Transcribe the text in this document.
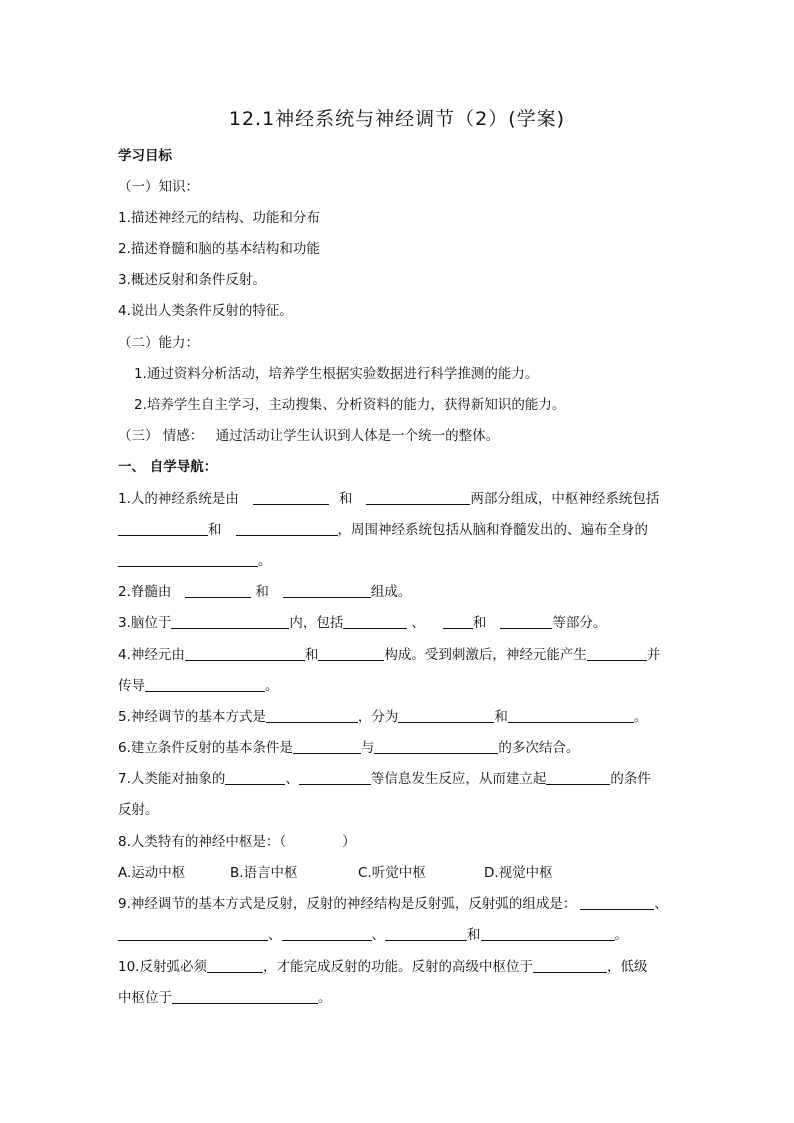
12.1神经系统与神经调节（2）(学案)
学习目标
（一）知识：
1.描述神经元的结构、功能和分布
2.描述脊髓和脑的基本结构和功能
3.概述反射和条件反射。
4.说出人类条件反射的特征。
（二）能力：
1.通过资料分析活动，培养学生根据实验数据进行科学推测的能力。
2.培养学生自主学习，主动搜集、分析资料的能力，获得新知识的能力。
（三） 情感： 通过活动让学生认识到人体是一个统一的整体。
一、 自学导航：
1.人的神经系统是由	和	两部分组成，中枢神经系统包括
和	，周围神经系统包括从脑和脊髓发出的、遍布全身的
。
2.脊髓由	和	组成。
3.脑位于	内，包括	、	和	等部分。
4.神经元由	和	构成。受到刺激后，神经元能产生	并
传导	。
5.神经调节的基本方式是	，分为	和	。
6.建立条件反射的基本条件是	与	的多次结合。
7.人类能对抽象的	、	等信息发生反应，从而建立起	的条件
反射。
8.人类特有的神经中枢是：（	）
A.运动中枢	B.语言中枢	C.听觉中枢	D.视觉中枢
9.神经调节的基本方式是反射，反射的神经结构是反射弧，反射弧的组成是：	、
、	、	和	。
10.反射弧必须	，才能完成反射的功能。反射的高级中枢位于	，低级
中枢位于	。
